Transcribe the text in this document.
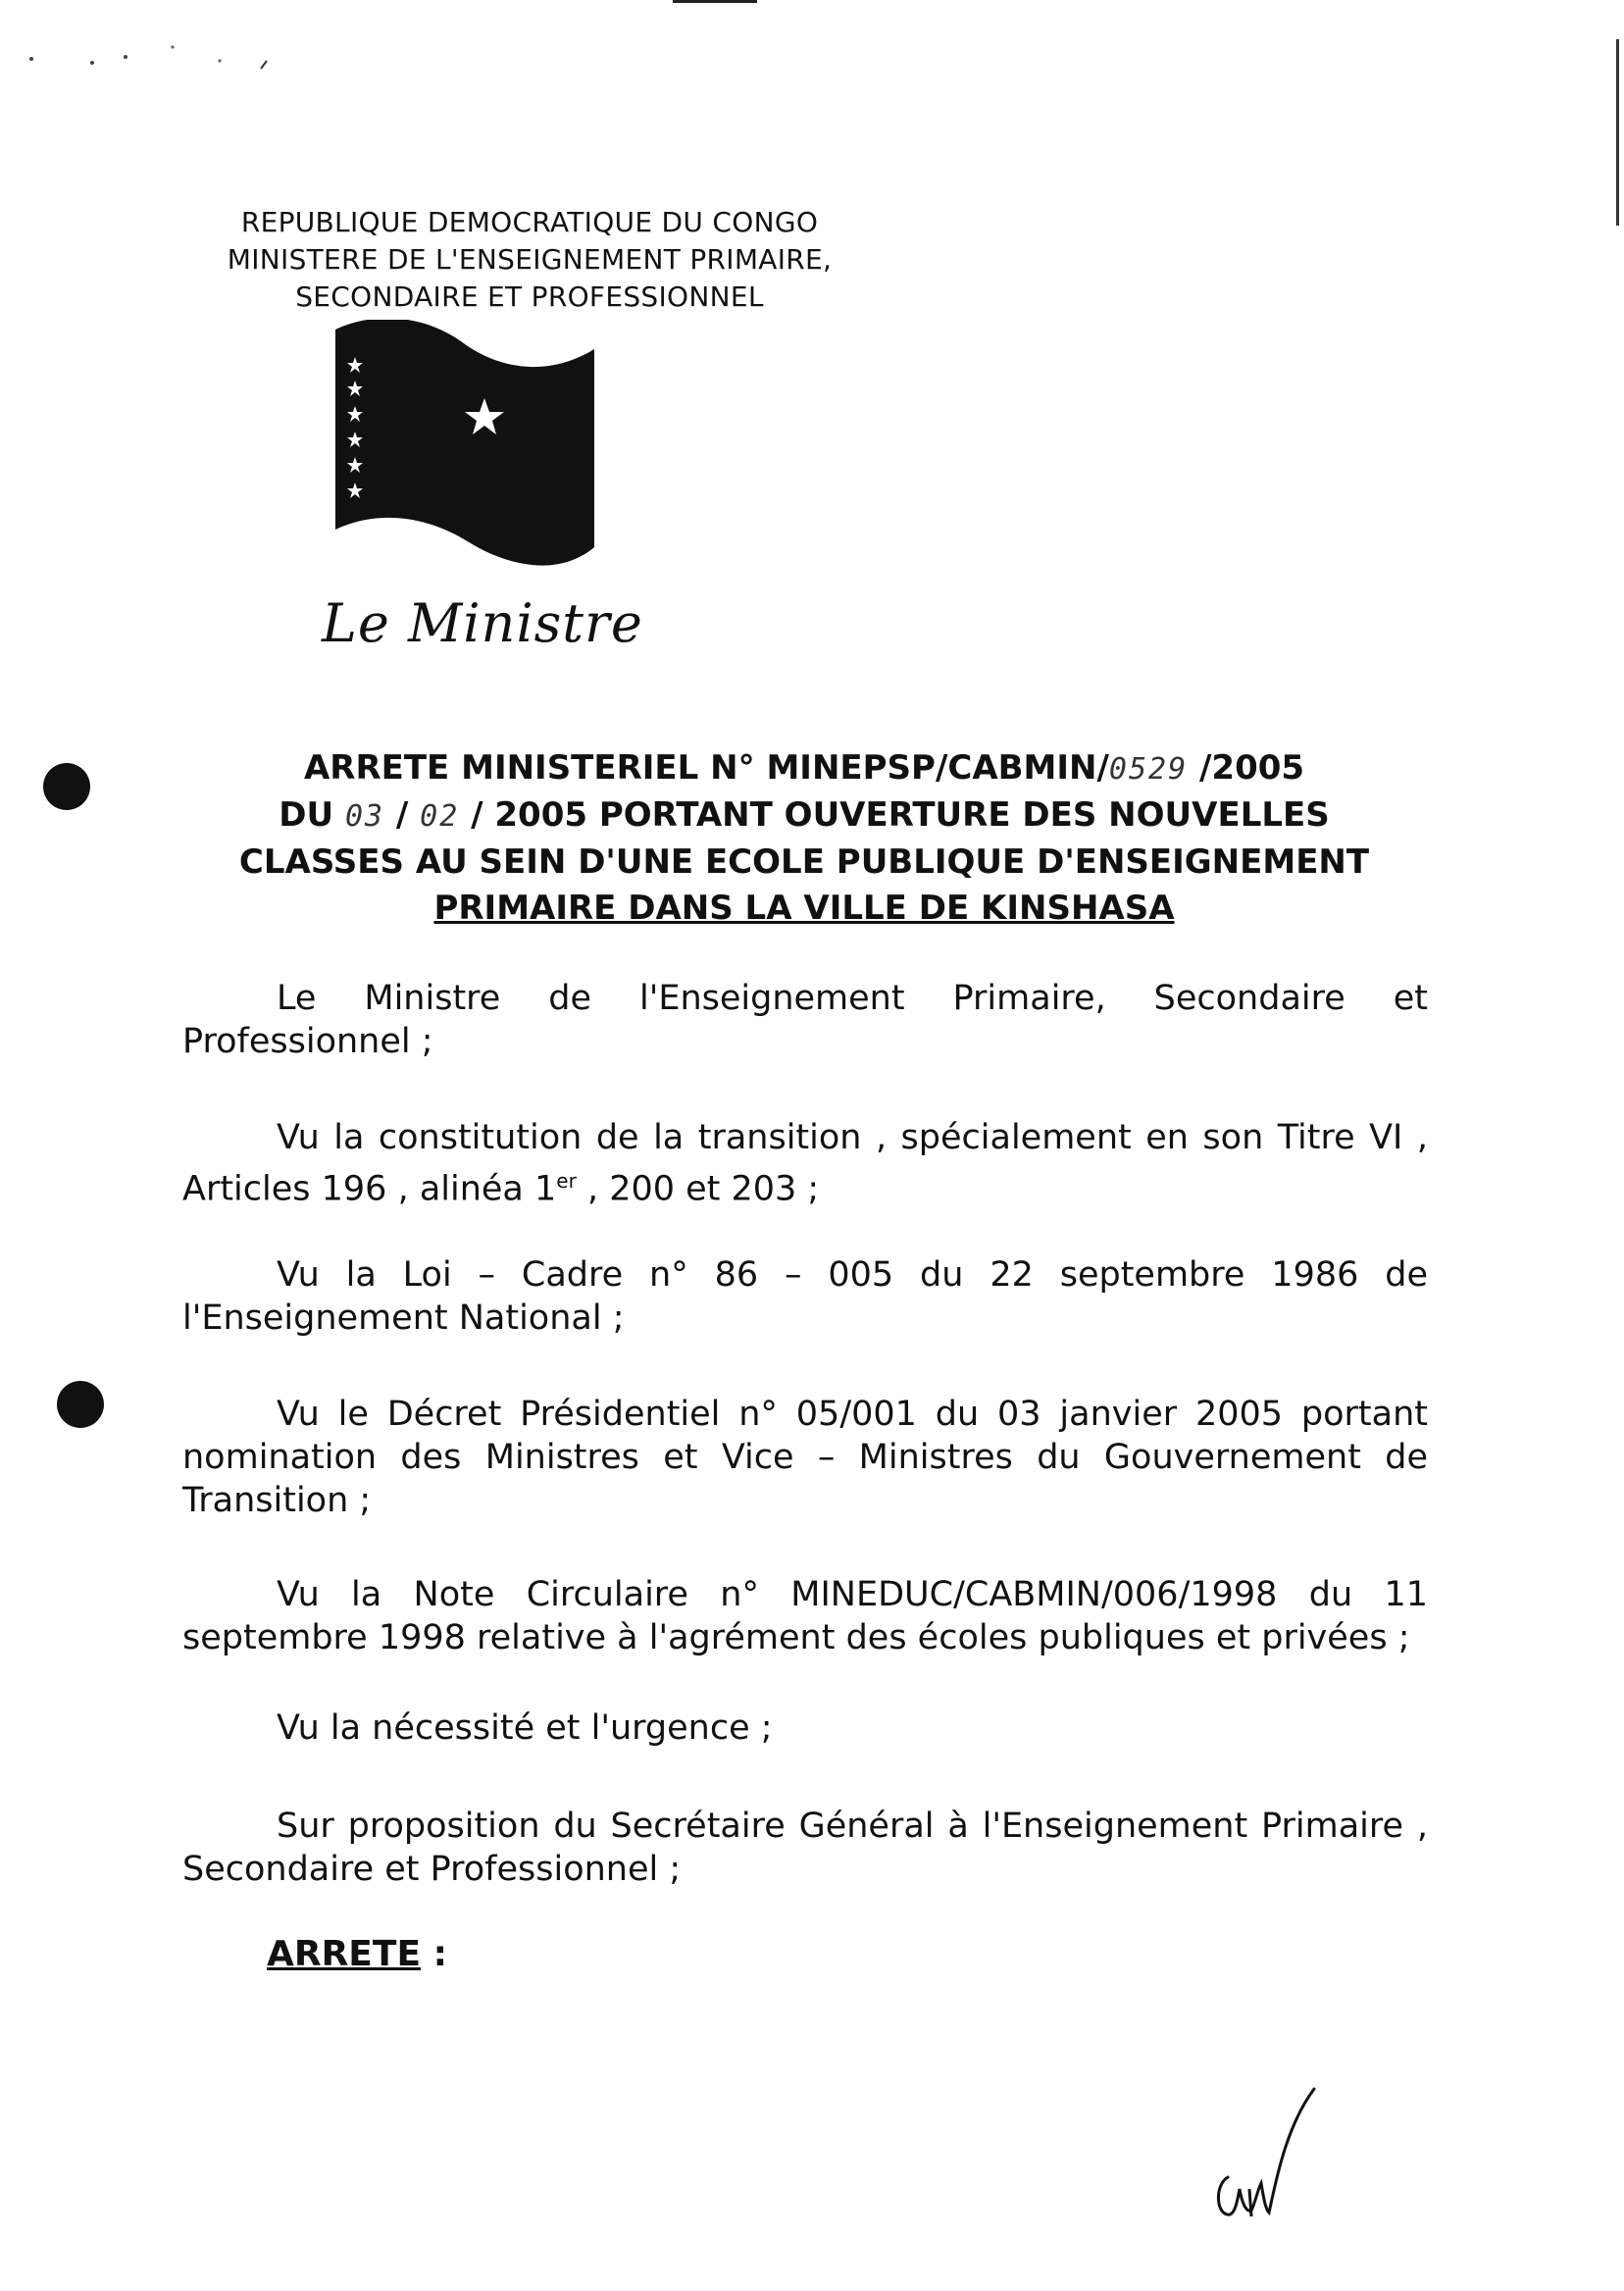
REPUBLIQUE DEMOCRATIQUE DU CONGO
MINISTERE DE L'ENSEIGNEMENT PRIMAIRE,
SECONDAIRE ET PROFESSIONNEL
Le Ministre
ARRETE MINISTERIEL N° MINEPSP/CABMIN/0529 /2005
DU 03 / 02 / 2005 PORTANT OUVERTURE DES NOUVELLES
CLASSES AU SEIN D'UNE ECOLE PUBLIQUE D'ENSEIGNEMENT
PRIMAIRE DANS LA VILLE DE KINSHASA
Le Ministre de l'Enseignement Primaire, Secondaire et Professionnel ;
Vu la constitution de la transition , spécialement en son Titre VI , Articles 196 , alinéa 1er , 200 et 203 ;
Vu la Loi – Cadre n° 86 – 005 du 22 septembre 1986 de l'Enseignement National ;
Vu le Décret Présidentiel n° 05/001 du 03 janvier 2005 portant nomination des Ministres et Vice – Ministres du Gouvernement de Transition ;
Vu la Note Circulaire n° MINEDUC/CABMIN/006/1998 du 11 septembre 1998 relative à l'agrément des écoles publiques et privées ;
Vu la nécessité et l'urgence ;
Sur proposition du Secrétaire Général à l'Enseignement Primaire , Secondaire et Professionnel ;
ARRETE :
